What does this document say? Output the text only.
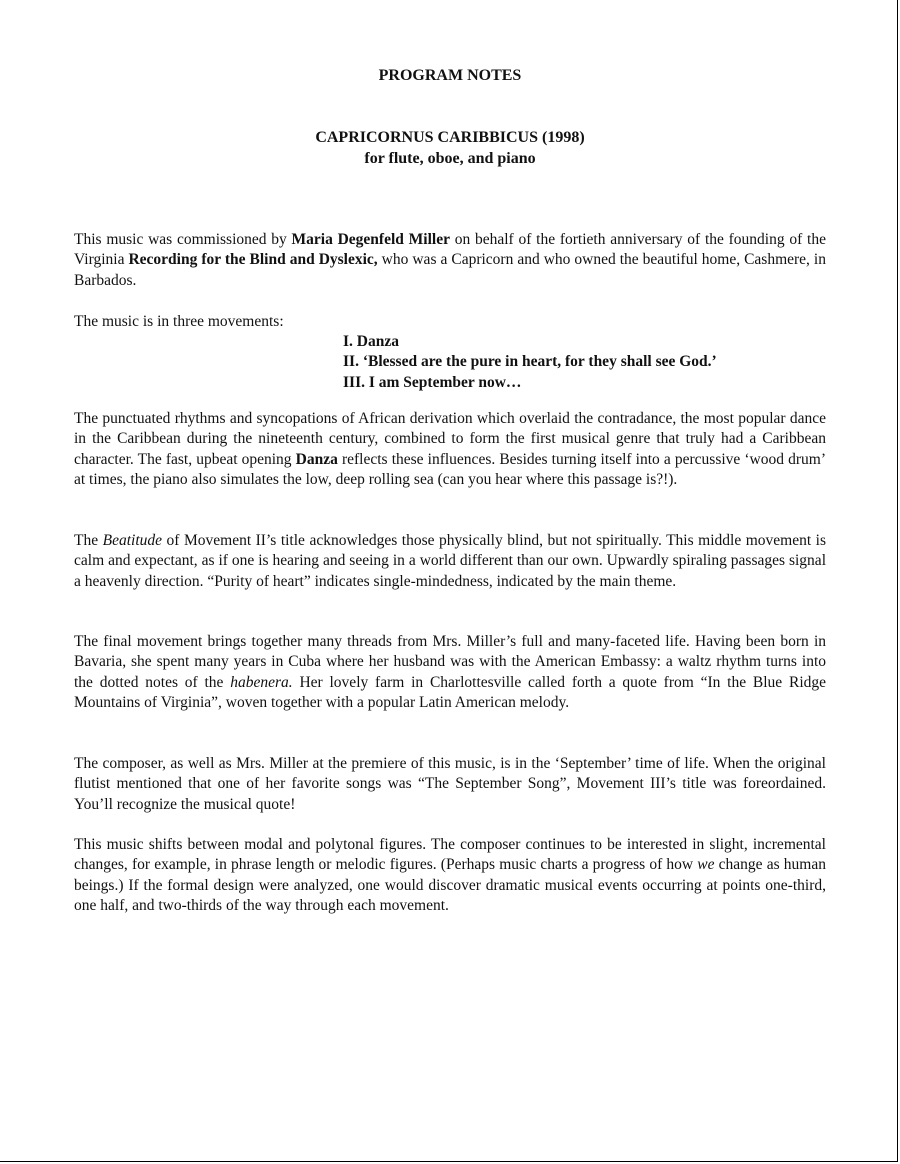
PROGRAM NOTES
CAPRICORNUS CARIBBICUS (1998)
for flute, oboe, and piano

This music was commissioned by Maria Degenfeld Miller on behalf of the fortieth anniversary of the founding of the Virginia Recording for the Blind and Dyslexic, who was a Capricorn and who owned the beautiful home, Cashmere, in Barbados.

The music is in three movements:

I. Danza
II. ‘Blessed are the pure in heart, for they shall see God.’
III. I am September now…

The punctuated rhythms and syncopations of African derivation which overlaid the contradance, the most popular dance in the Caribbean during the nineteenth century, combined to form the first musical genre that truly had a Caribbean character. The fast, upbeat opening Danza reflects these influences. Besides turning itself into a percussive ‘wood drum’ at times, the piano also simulates the low, deep rolling sea (can you hear where this passage is?!).

The Beatitude of Movement II’s title acknowledges those physically blind, but not spiritually. This middle movement is calm and expectant, as if one is hearing and seeing in a world different than our own. Upwardly spiraling passages signal a heavenly direction. “Purity of heart” indicates single-mindedness, indicated by the main theme.

The final movement brings together many threads from Mrs. Miller’s full and many-faceted life. Having been born in Bavaria, she spent many years in Cuba where her husband was with the American Embassy: a waltz rhythm turns into the dotted notes of the habenera. Her lovely farm in Charlottesville called forth a quote from “In the Blue Ridge Mountains of Virginia”, woven together with a popular Latin American melody.

The composer, as well as Mrs. Miller at the premiere of this music, is in the ‘September’ time of life. When the original flutist mentioned that one of her favorite songs was “The September Song”, Movement III’s title was foreordained. You’ll recognize the musical quote!

This music shifts between modal and polytonal figures. The composer continues to be interested in slight, incremental changes, for example, in phrase length or melodic figures. (Perhaps music charts a progress of how we change as human beings.) If the formal design were analyzed, one would discover dramatic musical events occurring at points one-third, one half, and two-thirds of the way through each movement.
